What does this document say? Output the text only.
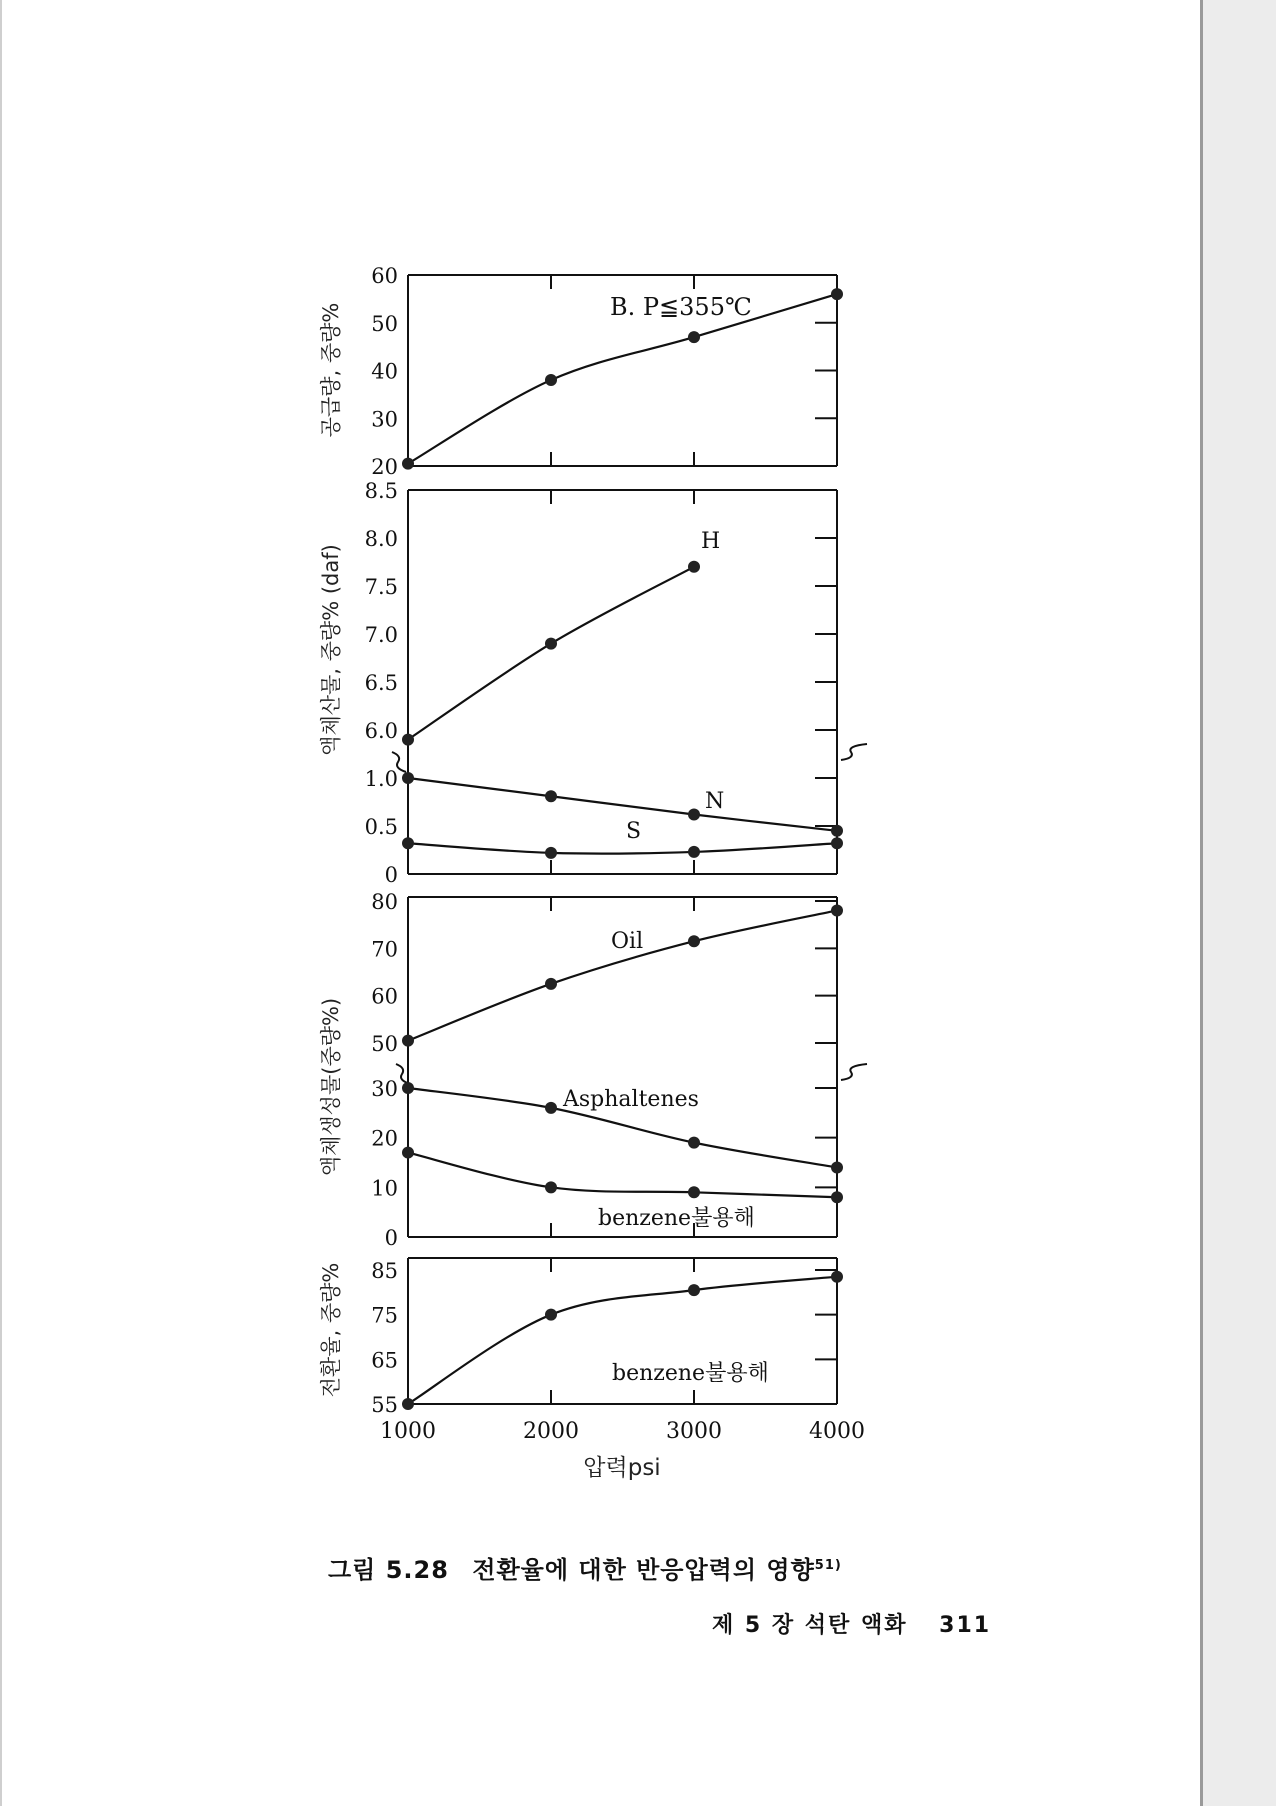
20
30
40
50
60
B. P≦355℃
공급량, 중량%
6.0
6.5
7.0
7.5
8.0
8.5
0
0.5
1.0
H
N
S
액체산물, 중량% (daf)
50
60
70
80
0
10
20
30
Oil
Asphaltenes
benzene불용해
액체생성물(중량%)
55
65
75
85
benzene불용해
전환율, 중량%
1000	2000	3000	4000
압력psi
그림 5.28 전환율에 대한 반응압력의 영향$^{51)}$
제 5 장 석탄 액화 311
